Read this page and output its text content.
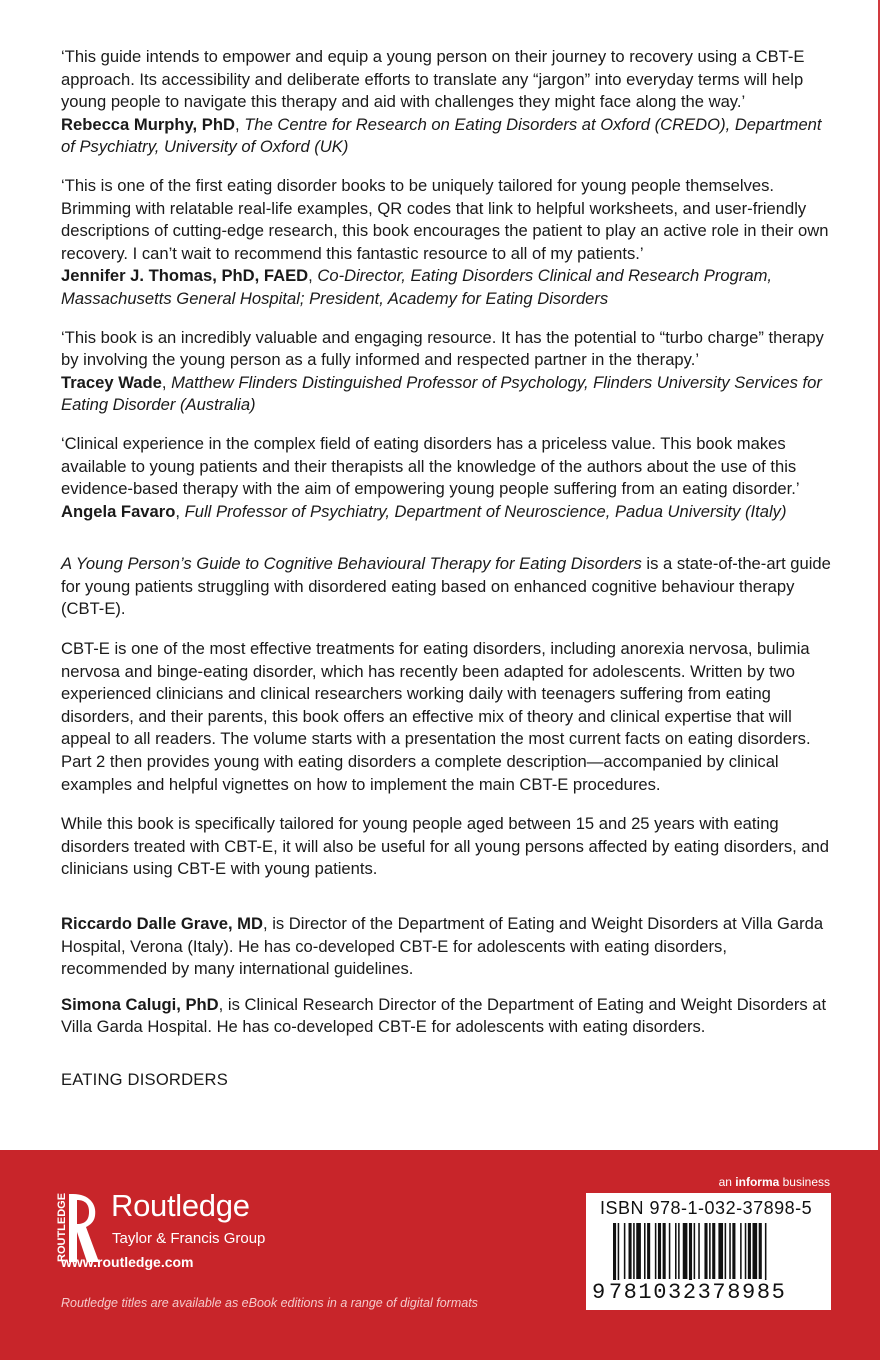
‘This guide intends to empower and equip a young person on their journey to recovery using a CBT-E approach. Its accessibility and deliberate efforts to translate any “jargon” into everyday terms will help young people to navigate this therapy and aid with challenges they might face along the way.’
Rebecca Murphy, PhD, The Centre for Research on Eating Disorders at Oxford (CREDO), Department of Psychiatry, University of Oxford (UK)
‘This is one of the first eating disorder books to be uniquely tailored for young people themselves. Brimming with relatable real-life examples, QR codes that link to helpful worksheets, and user-friendly descriptions of cutting-edge research, this book encourages the patient to play an active role in their own recovery. I can’t wait to recommend this fantastic resource to all of my patients.’
Jennifer J. Thomas, PhD, FAED, Co-Director, Eating Disorders Clinical and Research Program, Massachusetts General Hospital; President, Academy for Eating Disorders
‘This book is an incredibly valuable and engaging resource. It has the potential to “turbo charge” therapy by involving the young person as a fully informed and respected partner in the therapy.’
Tracey Wade, Matthew Flinders Distinguished Professor of Psychology, Flinders University Services for Eating Disorder (Australia)
‘Clinical experience in the complex field of eating disorders has a priceless value. This book makes available to young patients and their therapists all the knowledge of the authors about the use of this evidence-based therapy with the aim of empowering young people suffering from an eating disorder.’
Angela Favaro, Full Professor of Psychiatry, Department of Neuroscience, Padua University (Italy)

A Young Person’s Guide to Cognitive Behavioural Therapy for Eating Disorders is a state-of-the-art guide for young patients struggling with disordered eating based on enhanced cognitive behaviour therapy (CBT-E).

CBT-E is one of the most effective treatments for eating disorders, including anorexia nervosa, bulimia nervosa and binge-eating disorder, which has recently been adapted for adolescents. Written by two experienced clinicians and clinical researchers working daily with teenagers suffering from eating disorders, and their parents, this book offers an effective mix of theory and clinical expertise that will appeal to all readers. The volume starts with a presentation the most current facts on eating disorders. Part 2 then provides young with eating disorders a complete description—accompanied by clinical examples and helpful vignettes on how to implement the main CBT-E procedures.

While this book is specifically tailored for young people aged between 15 and 25 years with eating disorders treated with CBT-E, it will also be useful for all young persons affected by eating disorders, and clinicians using CBT-E with young patients.

Riccardo Dalle Grave, MD, is Director of the Department of Eating and Weight Disorders at Villa Garda Hospital, Verona (Italy). He has co-developed CBT-E for adolescents with eating disorders, recommended by many international guidelines.

Simona Calugi, PhD, is Clinical Research Director of the Department of Eating and Weight Disorders at Villa Garda Hospital. He has co-developed CBT-E for adolescents with eating disorders.

EATING DISORDERS
ROUTLEDGE Routledge
Taylor & Francis Group
www.routledge.com
Routledge titles are available as eBook editions in a range of digital formats
an informa business
ISBN 978-1-032-37898-5
9781032378985
